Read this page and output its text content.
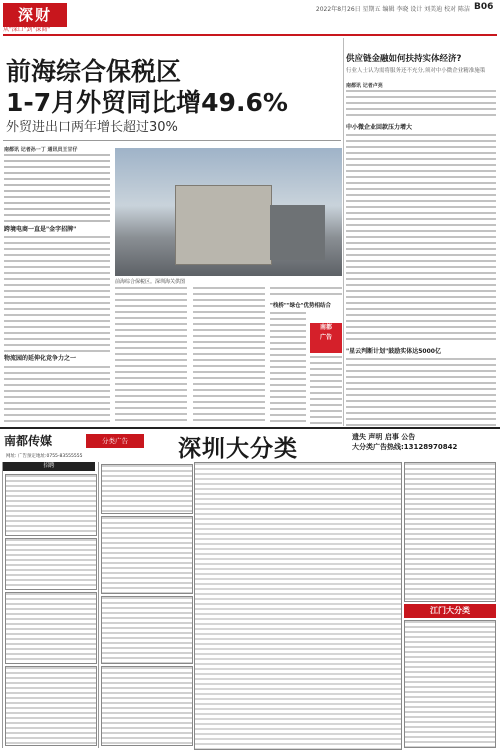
深财
从"深口"到"深商"
2022年8月26日 星期五 编辑 李晓 设计 刘美迪 校对 陈洁 B06
前海综合保税区
1-7月外贸同比增49.6%
外贸进出口两年增长超过30%
南都讯 记者孙一丁 通讯员王甘仔
跨境电商一直是"金字招牌"
物流园的延伸化竞争力之一
前海综合保税区。深圳海关供图
"栈桥""绿仓"优势相结合
南都
广告
供应链金融如何扶持实体经济?
行业人士认为需将服务还不充分,须对中小微企业精准施策
南都讯 记者卢亮
中小微企业回款压力增大
"星云判断计划"鼓励实体达5000亿
南都传媒	分类广告
网址: 广告预定地址:0755-83555555	深圳大分类	遗失 声明 启事 公告
大分类广告热线:13128970842
招聘
江门大分类
